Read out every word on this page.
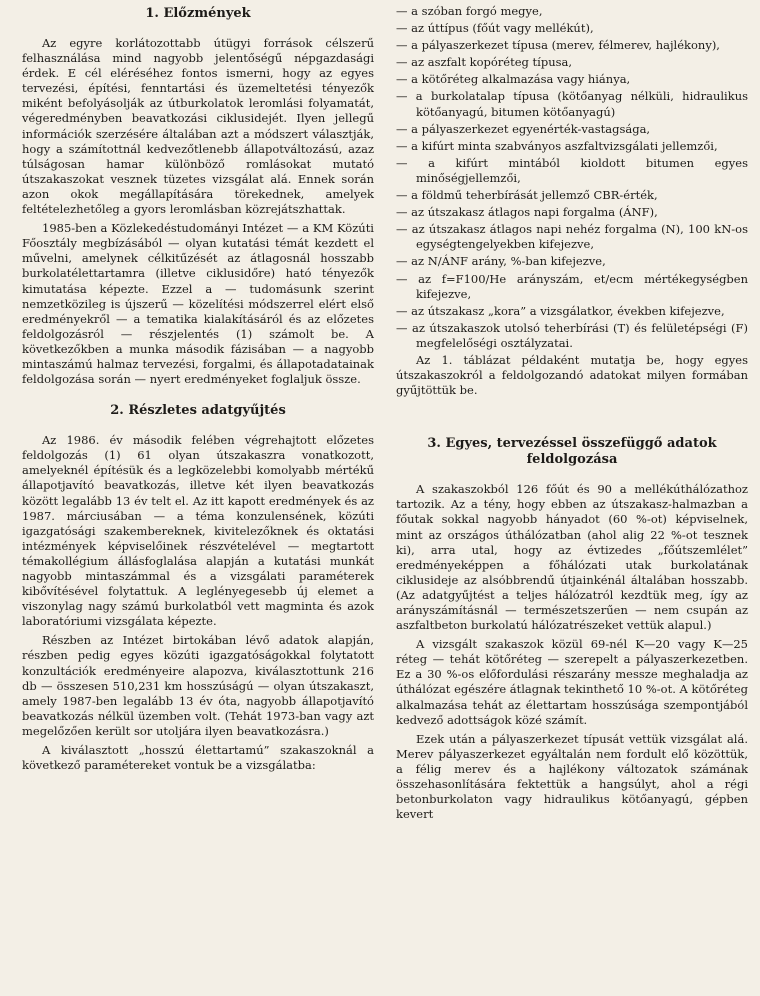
1. Előzmények

Az egyre korlátozottabb útügyi források célszerű felhasználása mind nagyobb jelentőségű népgazdasági érdek. E cél eléréséhez fontos ismerni, hogy az egyes tervezési, építési, fenntartási és üzemeltetési tényezők miként befolyásolják az útburkolatok leromlási folyamatát, végeredményben beavatkozási ciklusidejét. Ilyen jellegű információk szerzésére általában azt a módszert választják, hogy a számítottnál kedvezőtlenebb állapotváltozású, azaz túlságosan hamar különböző romlásokat mutató útszakaszokat vesznek tüzetes vizsgálat alá. Ennek során azon okok megállapítására törekednek, amelyek feltételezhetőleg a gyors leromlásban közrejátszhattak.

1985-ben a Közlekedéstudományi Intézet — a KM Közúti Főosztály megbízásából — olyan kutatási témát kezdett el művelni, amelynek célkitűzését az átlagosnál hosszabb burkolatélettartamra (illetve ciklusidőre) ható tényezők kimutatása képezte. Ezzel a — tudomásunk szerint nemzetközileg is újszerű — közelítési módszerrel elért első eredményekről — a tematika kialakításáról és az előzetes feldolgozásról — részjelentés (1) számolt be. A következőkben a munka második fázisában — a nagyobb mintaszámú halmaz tervezési, forgalmi, és állapotadatainak feldolgozása során — nyert eredményeket foglaljuk össze.

2. Részletes adatgyűjtés

Az 1986. év második felében végrehajtott előzetes feldolgozás (1) 61 olyan útszakaszra vonatkozott, amelyeknél építésük és a legközelebbi komolyabb mértékű állapotjavító beavatkozás, illetve két ilyen beavatkozás között legalább 13 év telt el. Az itt kapott eredmények és az 1987. márciusában — a téma konzulensének, közúti igazgatósági szakembereknek, kivitelezőknek és oktatási intézmények képviselőinek részvételével — megtartott témakollégium állásfoglalása alapján a kutatási munkát nagyobb mintaszámmal és a vizsgálati paraméterek kibővítésével folytattuk. A leglényegesebb új elemet a viszonylag nagy számú burkolatból vett magminta és azok laboratóriumi vizsgálata képezte.

Részben az Intézet birtokában lévő adatok alapján, részben pedig egyes közúti igazgatóságokkal folytatott konzultációk eredményeire alapozva, kiválasztottunk 216 db — összesen 510,231 km hosszúságú — olyan útszakaszt, amely 1987-ben legalább 13 év óta, nagyobb állapotjavító beavatkozás nélkül üzemben volt. (Tehát 1973-ban vagy azt megelőzően került sor utoljára ilyen beavatkozásra.)

A kiválasztott „hosszú élettartamú” szakaszoknál a következő paramétereket vontuk be a vizsgálatba:

— a szóban forgó megye,
— az úttípus (főút vagy mellékút),
— a pályaszerkezet típusa (merev, félmerev, hajlékony),
— az aszfalt kopóréteg típusa,
— a kötőréteg alkalmazása vagy hiánya,
— a burkolatalap típusa (kötőanyag nélküli, hidraulikus kötőanyagú, bitumen kötőanyagú)
— a pályaszerkezet egyenérték-vastagsága,
— a kifúrt minta szabványos aszfaltvizsgálati jellemzői,
— a kifúrt mintából kioldott bitumen egyes minőségjellemzői,
— a földmű teherbírását jellemző CBR-érték,
— az útszakasz átlagos napi forgalma (ÁNF),
— az útszakasz átlagos napi nehéz forgalma (N), 100 kN-os egységtengelyekben kifejezve,
— az N/ÁNF arány, %-ban kifejezve,
— az f=F100/He arányszám, et/ecm mértékegységben kifejezve,
— az útszakasz „kora” a vizsgálatkor, években kifejezve,
— az útszakaszok utolsó teherbírási (T) és felületépségi (F) megfelelőségi osztályzatai.

Az 1. táblázat példaként mutatja be, hogy egyes útszakaszokról a feldolgozandó adatokat milyen formában gyűjtöttük be.

3. Egyes, tervezéssel összefüggő adatok feldolgozása

A szakaszokból 126 főút és 90 a mellékúthálózathoz tartozik. Az a tény, hogy ebben az útszakasz-halmazban a főutak sokkal nagyobb hányadot (60 %-ot) képviselnek, mint az országos úthálózatban (ahol alig 22 %-ot tesznek ki), arra utal, hogy az évtizedes „főútszemlélet” eredményeképpen a főhálózati utak burkolatának ciklusideje az alsóbbrendű útjainkénál általában hosszabb. (Az adatgyűjtést a teljes hálózatról kezdtük meg, így az arányszámításnál — természetszerűen — nem csupán az aszfaltbeton burkolatú hálózatrészeket vettük alapul.)

A vizsgált szakaszok közül 69-nél K—20 vagy K—25 réteg — tehát kötőréteg — szerepelt a pályaszerkezetben. Ez a 30 %-os előfordulási részarány messze meghaladja az úthálózat egészére átlagnak tekinthető 10 %-ot. A kötőréteg alkalmazása tehát az élettartam hosszúsága szempontjából kedvező adottságok közé számít.

Ezek után a pályaszerkezet típusát vettük vizsgálat alá. Merev pályaszerkezet egyáltalán nem fordult elő közöttük, a félig merev és a hajlékony változatok számának összehasonlítására fektettük a hangsúlyt, ahol a régi betonburkolaton vagy hidraulikus kötőanyagú, gépben kevert
